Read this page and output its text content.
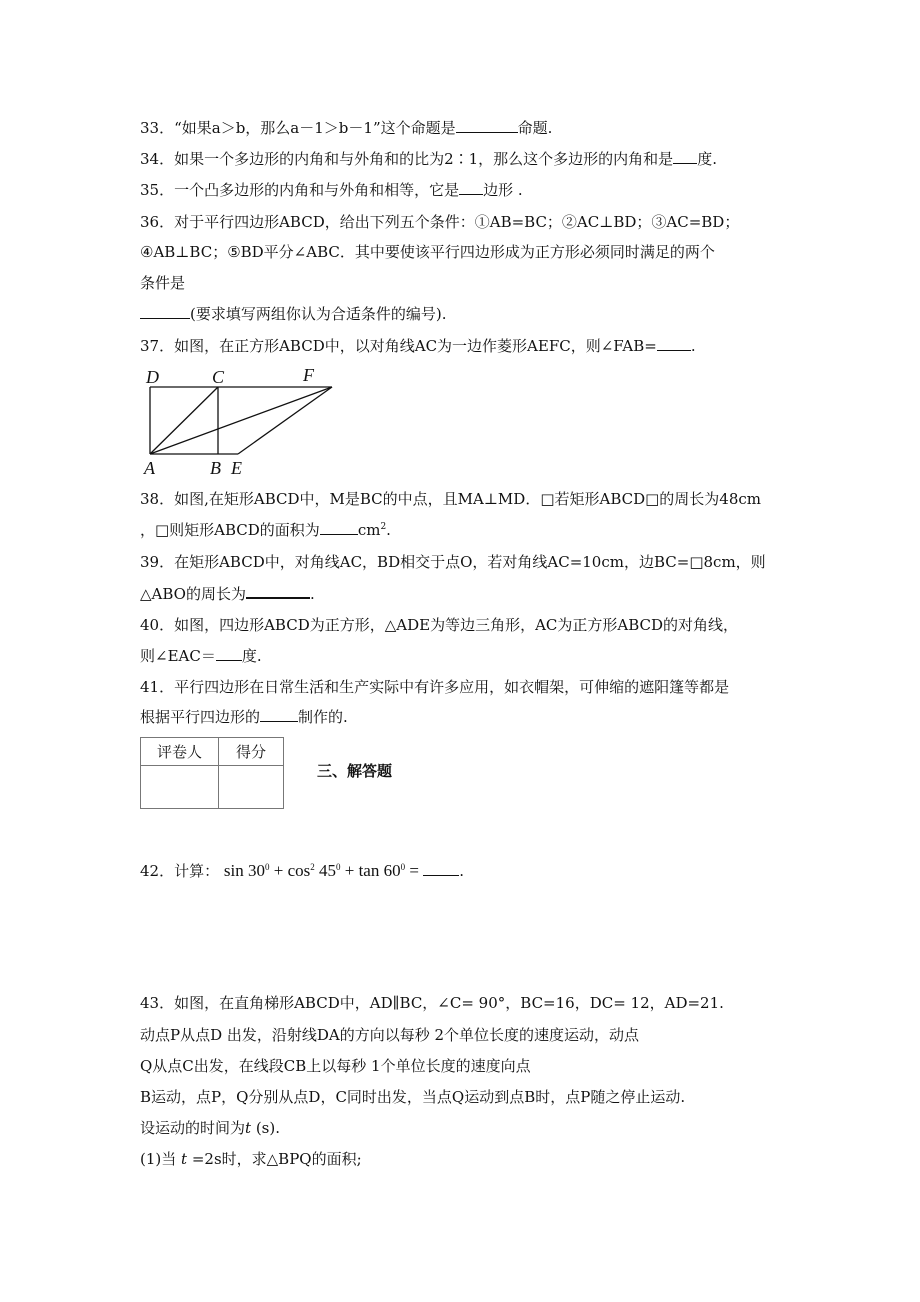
33．“如果a＞b，那么a－1＞b－1”这个命题是	命题.
34．如果一个多边形的内角和与外角和的比为2∶1，那么这个多边形的内角和是 度.
35．一个凸多边形的内角和与外角和相等，它是 边形 .
36．对于平行四边形ABCD，给出下列五个条件：①AB=BC；②AC⊥BD；③AC=BD；
④AB⊥BC；⑤BD平分∠ABC．其中要使该平行四边形成为正方形必须同时满足的两个
条件是
(要求填写两组你认为合适条件的编号).
37．如图，在正方形ABCD中，以对角线AC为一边作菱形AEFC，则∠FAB= .
D	C	F
A	B E
38．如图,在矩形ABCD中，M是BC的中点，且MA⊥MD．□若矩形ABCD□的周长为48cm
，□则矩形ABCD的面积为	$cm^2$.
39．在矩形ABCD中，对角线AC，BD相交于点O，若对角线AC=10cm，边BC=□8cm，则
△ABO的周长为	.
40．如图，四边形ABCD为正方形，△ADE为等边三角形，AC为正方形ABCD的对角线，
则∠EAC＝ 度.
41．平行四边形在日常生活和生产实际中有许多应用，如衣帽架，可伸缩的遮阳篷等都是
根据平行四边形的	制作的.
评卷人	得分

三、解答题
42．计算： $\sin 30^0 + \cos^2 45^0 + \tan 60^0$ =	.
43．如图，在直角梯形ABCD中，AD∥BC，∠C= 90°，BC=16，DC= 12，AD=21.
动点P从点D 出发，沿射线DA的方向以每秒 2个单位长度的速度运动，动点
Q从点C出发，在线段CB上以每秒 1个单位长度的速度向点
B运动，点P，Q分别从点D，C同时出发，当点Q运动到点B时，点P随之停止运动.
设运动的时间为t (s).
(1)当 t =2s时，求△BPQ的面积;
